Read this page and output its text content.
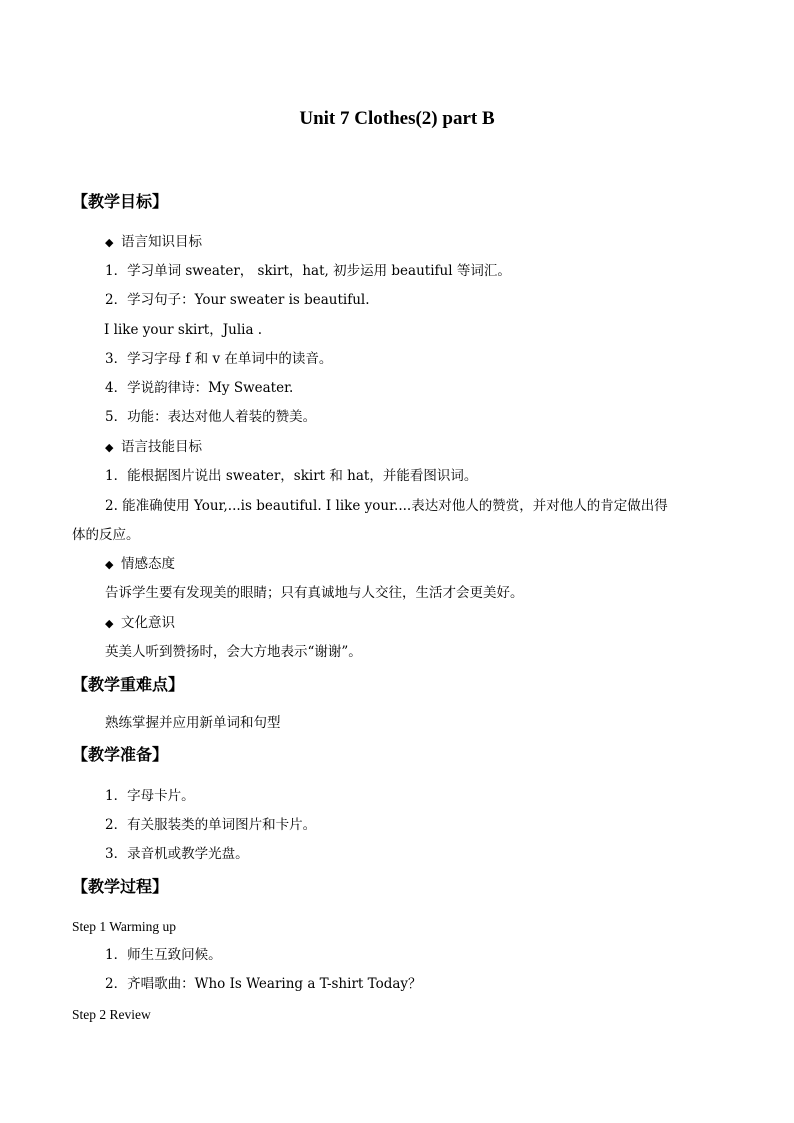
Unit 7 Clothes(2) part B
【教学目标】
◆ 语言知识目标
1．学习单词 sweater， skirt，hat, 初步运用 beautiful 等词汇。
2．学习句子：Your sweater is beautiful.
I like your skirt，Julia .
3．学习字母 f 和 v 在单词中的读音。
4．学说韵律诗：My Sweater.
5．功能：表达对他人着装的赞美。
◆ 语言技能目标
1．能根据图片说出 sweater，skirt 和 hat，并能看图识词。
2. 能准确使用 Your,...is beautiful. I like your....表达对他人的赞赏，并对他人的肯定做出得
体的反应。
◆ 情感态度
告诉学生要有发现美的眼睛；只有真诚地与人交往，生活才会更美好。
◆ 文化意识
英美人听到赞扬时，会大方地表示“谢谢”。
【教学重难点】
熟练掌握并应用新单词和句型
【教学准备】
1．字母卡片。
2．有关服装类的单词图片和卡片。
3．录音机或教学光盘。
【教学过程】
Step 1 Warming up
1．师生互致问候。
2．齐唱歌曲：Who Is Wearing a T-shirt Today？
Step 2 Review
